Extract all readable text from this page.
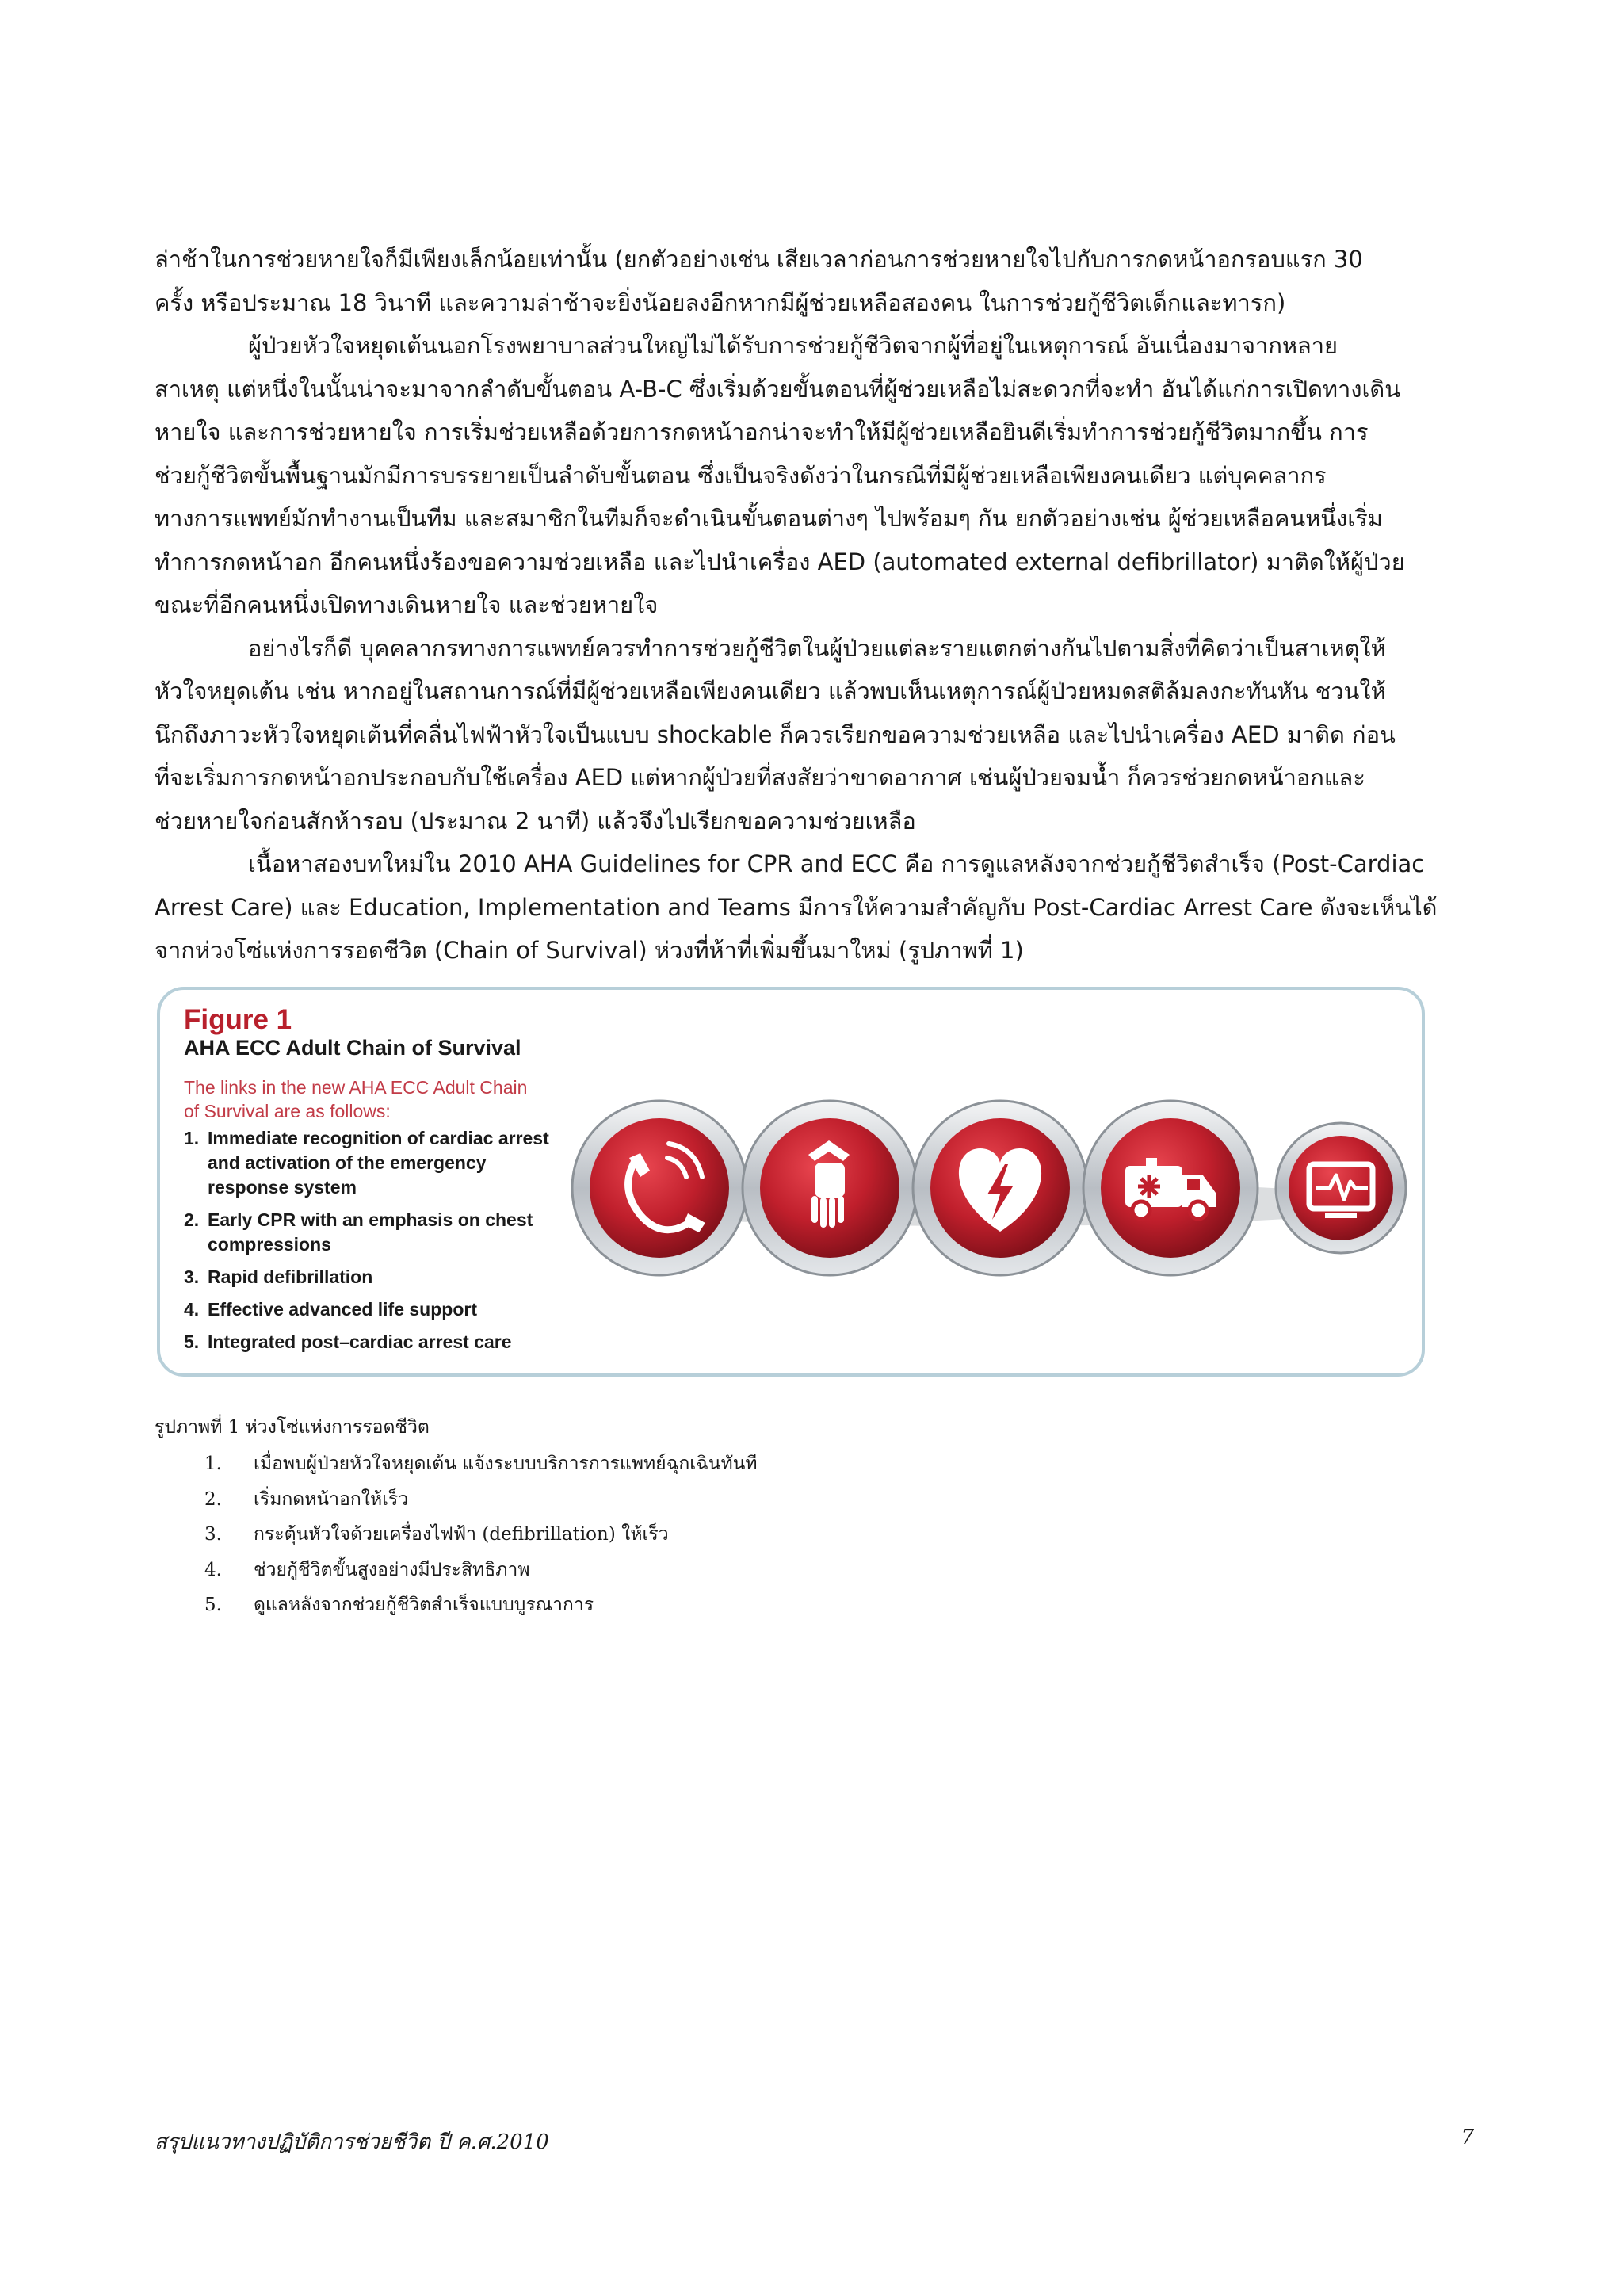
ล่าช้าในการช่วยหายใจก็มีเพียงเล็กน้อยเท่านั้น (ยกตัวอย่างเช่น เสียเวลาก่อนการช่วยหายใจไปกับการกดหน้าอกรอบแรก 30
ครั้ง หรือประมาณ 18 วินาที และความล่าช้าจะยิ่งน้อยลงอีกหากมีผู้ช่วยเหลือสองคน ในการช่วยกู้ชีวิตเด็กและทารก)

ผู้ป่วยหัวใจหยุดเต้นนอกโรงพยาบาลส่วนใหญ่ไม่ได้รับการช่วยกู้ชีวิตจากผู้ที่อยู่ในเหตุการณ์ อันเนื่องมาจากหลาย
สาเหตุ แต่หนึ่งในนั้นน่าจะมาจากลำดับขั้นตอน A-B-C ซึ่งเริ่มด้วยขั้นตอนที่ผู้ช่วยเหลือไม่สะดวกที่จะทำ อันได้แก่การเปิดทางเดิน
หายใจ และการช่วยหายใจ การเริ่มช่วยเหลือด้วยการกดหน้าอกน่าจะทำให้มีผู้ช่วยเหลือยินดีเริ่มทำการช่วยกู้ชีวิตมากขึ้น การ
ช่วยกู้ชีวิตขั้นพื้นฐานมักมีการบรรยายเป็นลำดับขั้นตอน ซึ่งเป็นจริงดังว่าในกรณีที่มีผู้ช่วยเหลือเพียงคนเดียว แต่บุคคลากร
ทางการแพทย์มักทำงานเป็นทีม และสมาชิกในทีมก็จะดำเนินขั้นตอนต่างๆ ไปพร้อมๆ กัน ยกตัวอย่างเช่น ผู้ช่วยเหลือคนหนึ่งเริ่ม
ทำการกดหน้าอก อีกคนหนึ่งร้องขอความช่วยเหลือ และไปนำเครื่อง AED (automated external defibrillator) มาติดให้ผู้ป่วย
ขณะที่อีกคนหนึ่งเปิดทางเดินหายใจ และช่วยหายใจ

อย่างไรก็ดี บุคคลากรทางการแพทย์ควรทำการช่วยกู้ชีวิตในผู้ป่วยแต่ละรายแตกต่างกันไปตามสิ่งที่คิดว่าเป็นสาเหตุให้
หัวใจหยุดเต้น เช่น หากอยู่ในสถานการณ์ที่มีผู้ช่วยเหลือเพียงคนเดียว แล้วพบเห็นเหตุการณ์ผู้ป่วยหมดสติล้มลงกะทันหัน ชวนให้
นึกถึงภาวะหัวใจหยุดเต้นที่คลื่นไฟฟ้าหัวใจเป็นแบบ shockable ก็ควรเรียกขอความช่วยเหลือ และไปนำเครื่อง AED มาติด ก่อน
ที่จะเริ่มการกดหน้าอกประกอบกับใช้เครื่อง AED แต่หากผู้ป่วยที่สงสัยว่าขาดอากาศ เช่นผู้ป่วยจมน้ำ ก็ควรช่วยกดหน้าอกและ
ช่วยหายใจก่อนสักห้ารอบ (ประมาณ 2 นาที) แล้วจึงไปเรียกขอความช่วยเหลือ

เนื้อหาสองบทใหม่ใน 2010 AHA Guidelines for CPR and ECC คือ การดูแลหลังจากช่วยกู้ชีวิตสำเร็จ (Post-Cardiac
Arrest Care) และ Education, Implementation and Teams มีการให้ความสำคัญกับ Post-Cardiac Arrest Care ดังจะเห็นได้
จากห่วงโซ่แห่งการรอดชีวิต (Chain of Survival) ห่วงที่ห้าที่เพิ่มขึ้นมาใหม่ (รูปภาพที่ 1)

Figure 1
AHA ECC Adult Chain of Survival
The links in the new AHA ECC Adult Chain of Survival are as follows:
1. Immediate recognition of cardiac arrest and activation of the emergency response system
2. Early CPR with an emphasis on chest compressions
3. Rapid defibrillation
4. Effective advanced life support
5. Integrated post–cardiac arrest care
รูปภาพที่ 1 ห่วงโซ่แห่งการรอดชีวิต
1. เมื่อพบผู้ป่วยหัวใจหยุดเต้น แจ้งระบบบริการการแพทย์ฉุกเฉินทันที
2. เริ่มกดหน้าอกให้เร็ว
3. กระตุ้นหัวใจด้วยเครื่องไฟฟ้า (defibrillation) ให้เร็ว
4. ช่วยกู้ชีวิตขั้นสูงอย่างมีประสิทธิภาพ
5. ดูแลหลังจากช่วยกู้ชีวิตสำเร็จแบบบูรณาการ
สรุปแนวทางปฏิบัติการช่วยชีวิต ปี ค.ศ.2010	7
